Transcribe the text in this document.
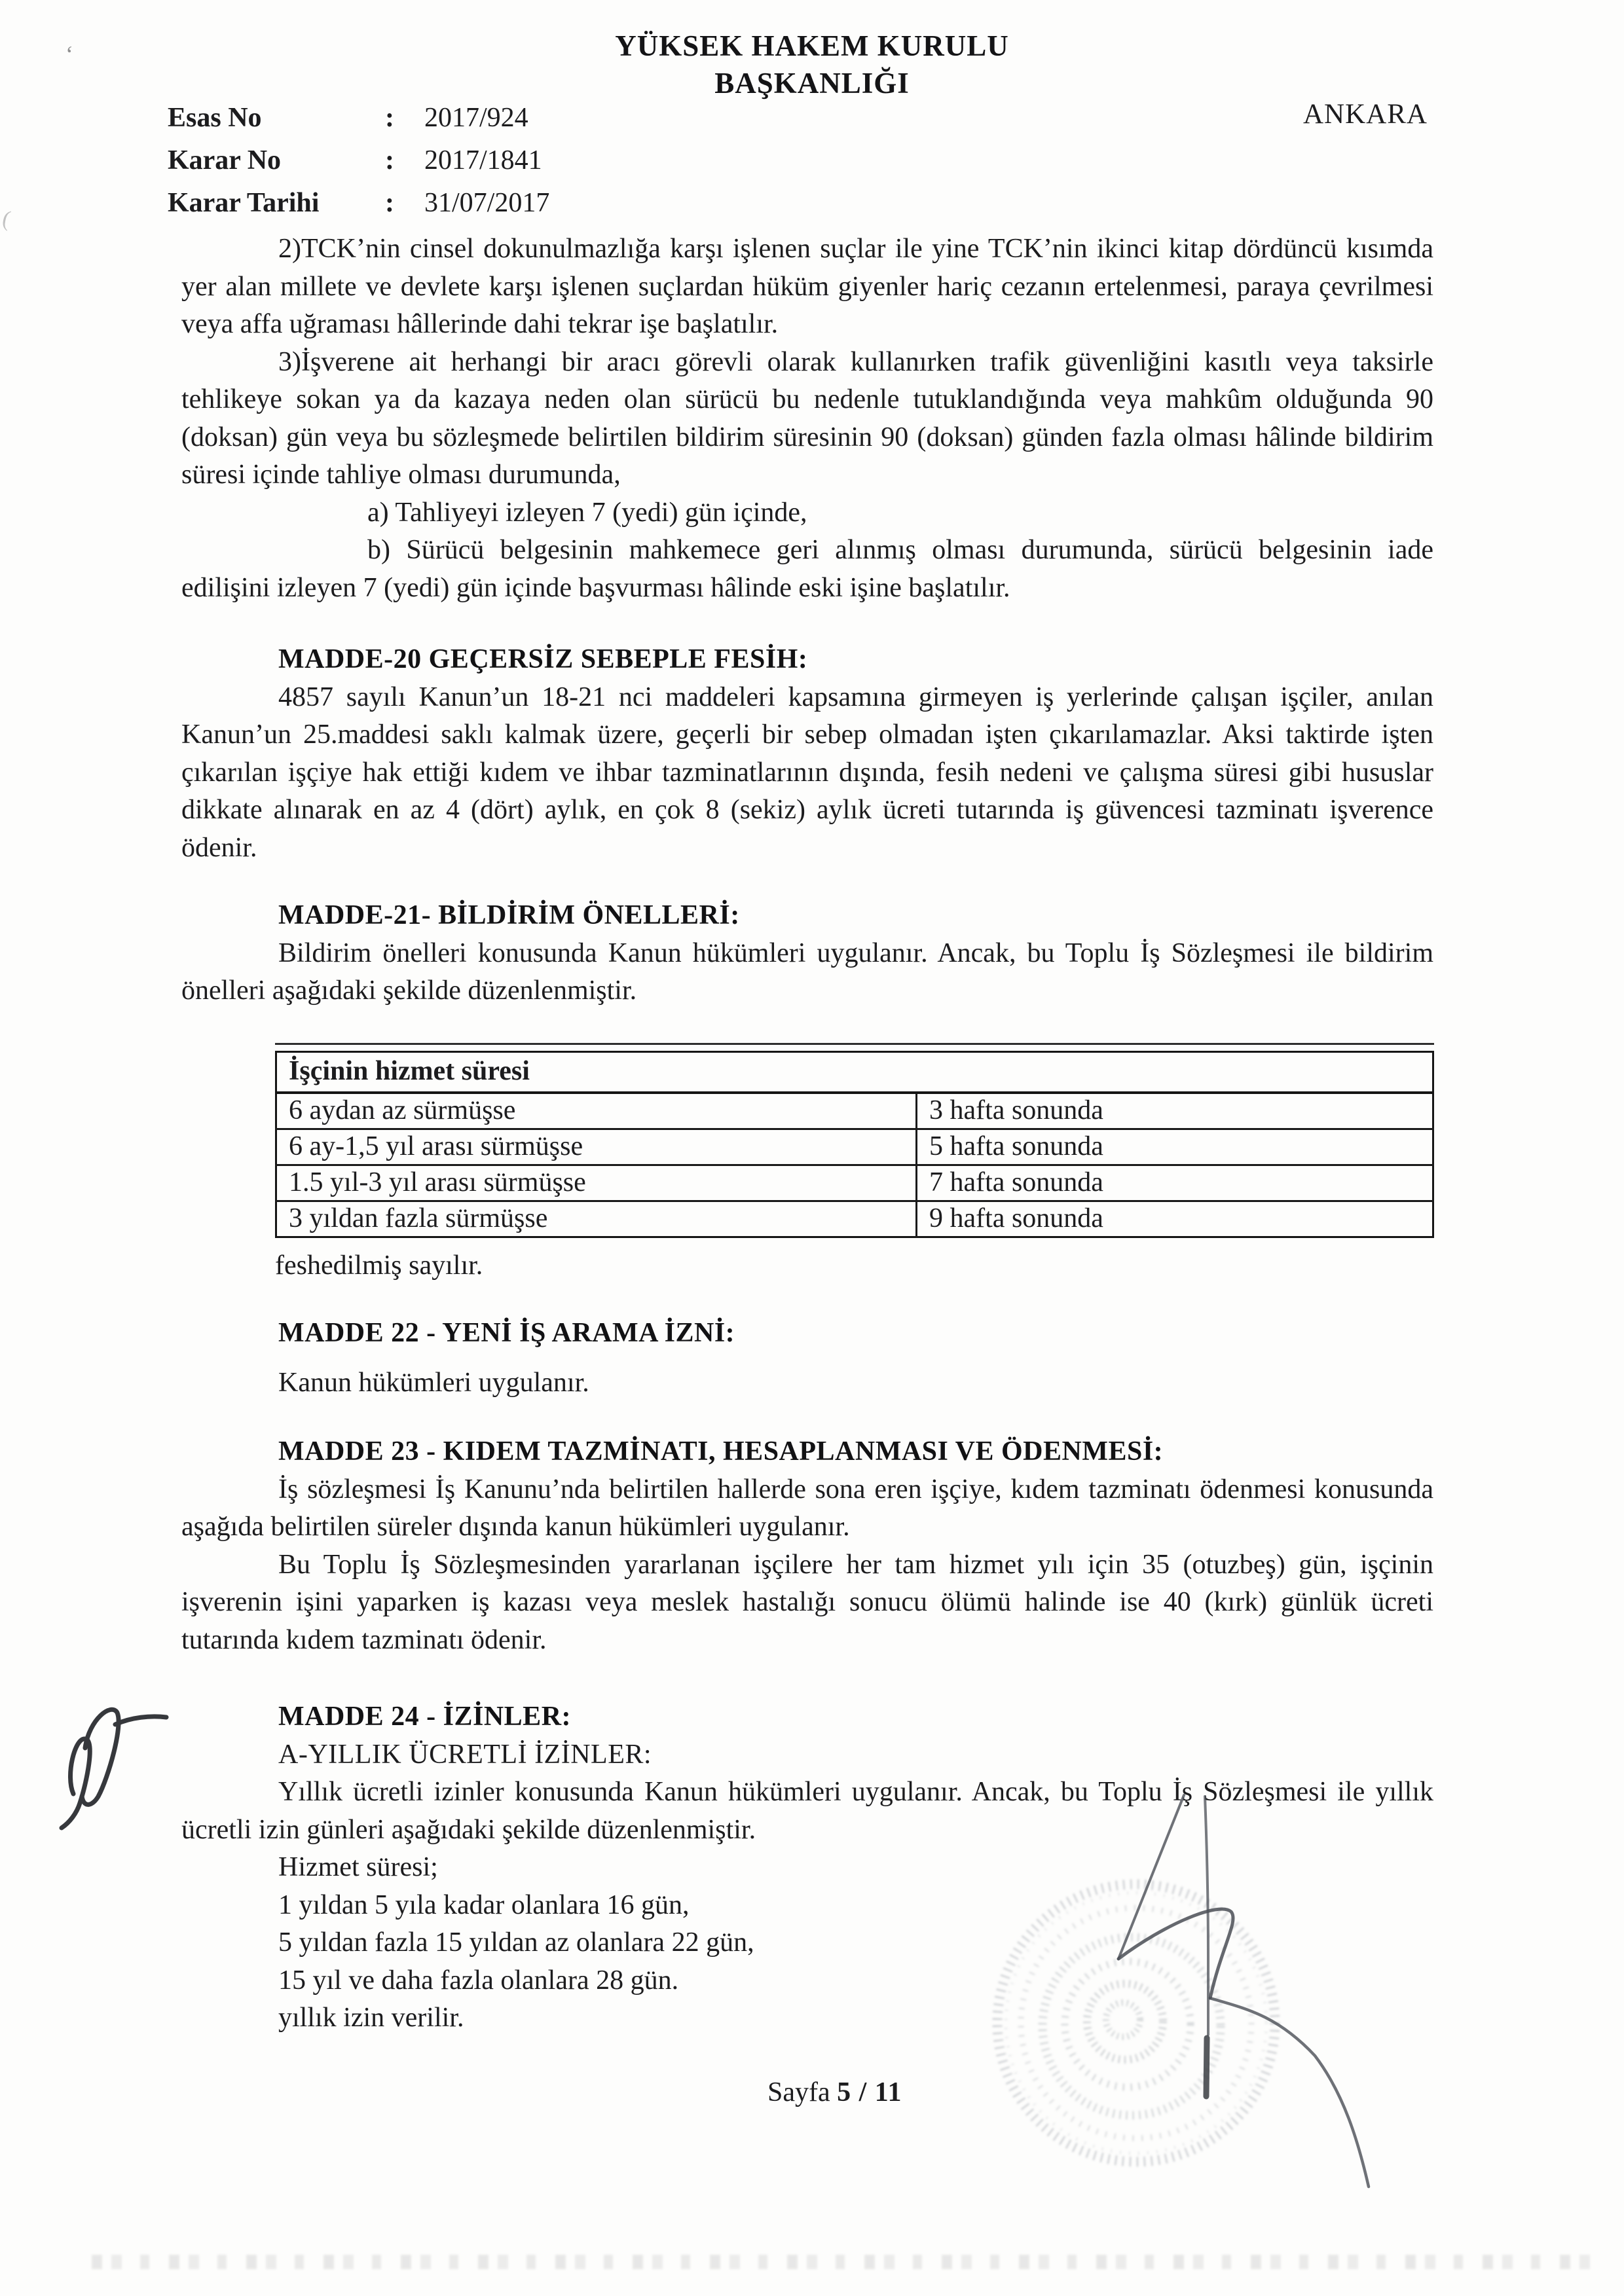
ʻ
(
YÜKSEK HAKEM KURULU
BAŞKANLIĞI
Esas No	:	2017/924
Karar No	:	2017/1841
Karar Tarihi	:	31/07/2017
ANKARA

2)TCK’nin cinsel dokunulmazlığa karşı işlenen suçlar ile yine TCK’nin ikinci kitap dördüncü kısımda yer alan millete ve devlete karşı işlenen suçlardan hüküm giyenler hariç cezanın ertelenmesi, paraya çevrilmesi veya affa uğraması hâllerinde dahi tekrar işe başlatılır.

3)İşverene ait herhangi bir aracı görevli olarak kullanırken trafik güvenliğini kasıtlı veya taksirle tehlikeye sokan ya da kazaya neden olan sürücü bu nedenle tutuklandığında veya mahkûm olduğunda 90 (doksan) gün veya bu sözleşmede belirtilen bildirim süresinin 90 (doksan) günden fazla olması hâlinde bildirim süresi içinde tahliye olması durumunda,

a) Tahliyeyi izleyen 7 (yedi) gün içinde,

b) Sürücü belgesinin mahkemece geri alınmış olması durumunda, sürücü belgesinin iade edilişini izleyen 7 (yedi) gün içinde başvurması hâlinde eski işine başlatılır.

MADDE-20 GEÇERSİZ SEBEPLE FESİH:

4857 sayılı Kanun’un 18-21 nci maddeleri kapsamına girmeyen iş yerlerinde çalışan işçiler, anılan Kanun’un 25.maddesi saklı kalmak üzere, geçerli bir sebep olmadan işten çıkarılamazlar. Aksi taktirde işten çıkarılan işçiye hak ettiği kıdem ve ihbar tazminatlarının dışında, fesih nedeni ve çalışma süresi gibi hususlar dikkate alınarak en az 4 (dört) aylık, en çok 8 (sekiz) aylık ücreti tutarında iş güvencesi tazminatı işverence ödenir.

MADDE-21- BİLDİRİM ÖNELLERİ:

Bildirim önelleri konusunda Kanun hükümleri uygulanır. Ancak, bu Toplu İş Sözleşmesi ile bildirim önelleri aşağıdaki şekilde düzenlenmiştir.

İşçinin hizmet süresi	
6 aydan az sürmüşse	3 hafta sonunda
6 ay-1,5 yıl arası sürmüşse	5 hafta sonunda
1.5 yıl-3 yıl arası sürmüşse	7 hafta sonunda
3 yıldan fazla sürmüşse	9 hafta sonunda

feshedilmiş sayılır.

MADDE 22 - YENİ İŞ ARAMA İZNİ:

Kanun hükümleri uygulanır.

MADDE 23 - KIDEM TAZMİNATI, HESAPLANMASI VE ÖDENMESİ:

İş sözleşmesi İş Kanunu’nda belirtilen hallerde sona eren işçiye, kıdem tazminatı ödenmesi konusunda aşağıda belirtilen süreler dışında kanun hükümleri uygulanır.

Bu Toplu İş Sözleşmesinden yararlanan işçilere her tam hizmet yılı için 35 (otuzbeş) gün, işçinin işverenin işini yaparken iş kazası veya meslek hastalığı sonucu ölümü halinde ise 40 (kırk) günlük ücreti tutarında kıdem tazminatı ödenir.

MADDE 24 - İZİNLER:

A-YILLIK ÜCRETLİ İZİNLER:

Yıllık ücretli izinler konusunda Kanun hükümleri uygulanır. Ancak, bu Toplu İş Sözleşmesi ile yıllık ücretli izin günleri aşağıdaki şekilde düzenlenmiştir.

Hizmet süresi;

1 yıldan 5 yıla kadar olanlara 16 gün,

5 yıldan fazla 15 yıldan az olanlara 22 gün,

15 yıl ve daha fazla olanlara 28 gün.

yıllık izin verilir.

Sayfa 5 / 11
